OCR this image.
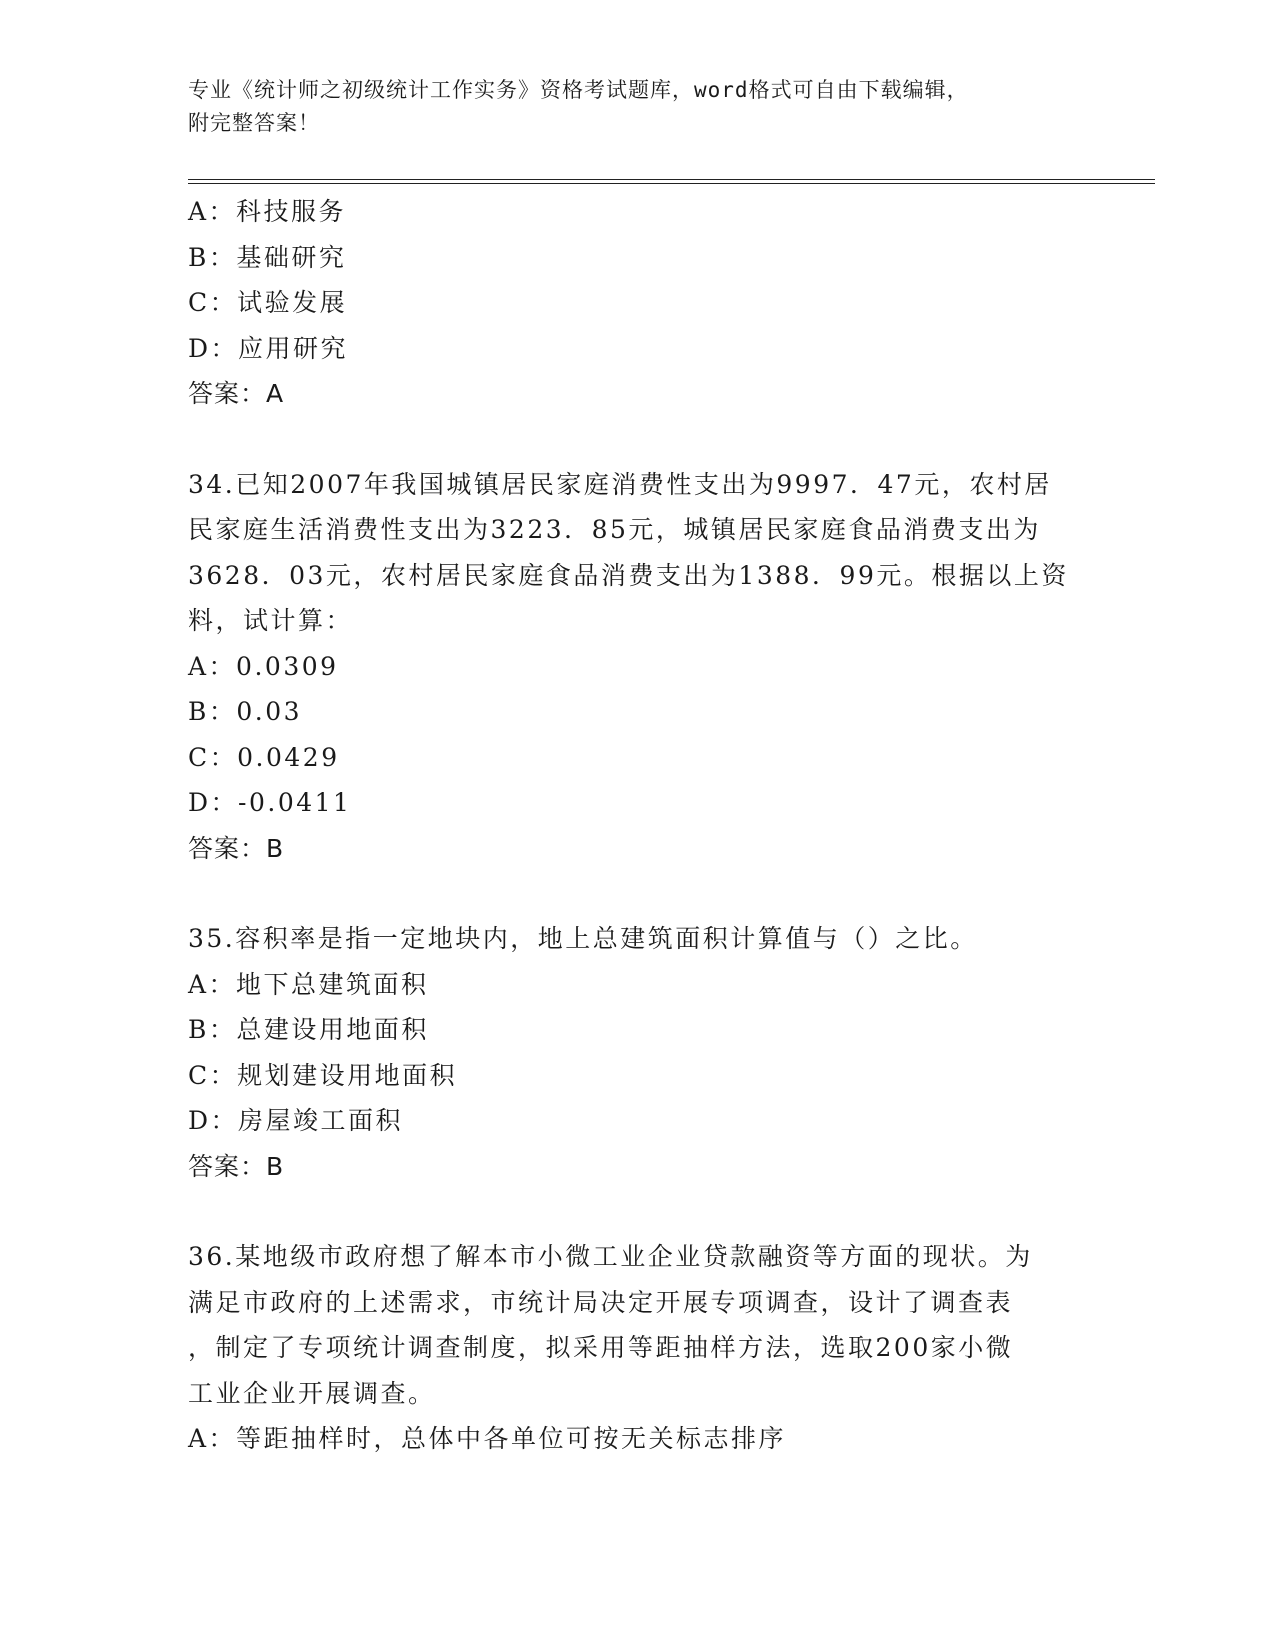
专业《统计师之初级统计工作实务》资格考试题库，word格式可自由下载编辑，
附完整答案！
A：科技服务
B：基础研究
C：试验发展
D：应用研究
答案：A
34.已知2007年我国城镇居民家庭消费性支出为9997．47元，农村居
民家庭生活消费性支出为3223．85元，城镇居民家庭食品消费支出为
3628．03元，农村居民家庭食品消费支出为1388．99元。根据以上资
料，试计算：
A：0.0309
B：0.03
C：0.0429
D：-0.0411
答案：B
35.容积率是指一定地块内，地上总建筑面积计算值与（）之比。
A：地下总建筑面积
B：总建设用地面积
C：规划建设用地面积
D：房屋竣工面积
答案：B
36.某地级市政府想了解本市小微工业企业贷款融资等方面的现状。为
满足市政府的上述需求，市统计局决定开展专项调查，设计了调查表
，制定了专项统计调查制度，拟采用等距抽样方法，选取200家小微
工业企业开展调查。
A：等距抽样时，总体中各单位可按无关标志排序
